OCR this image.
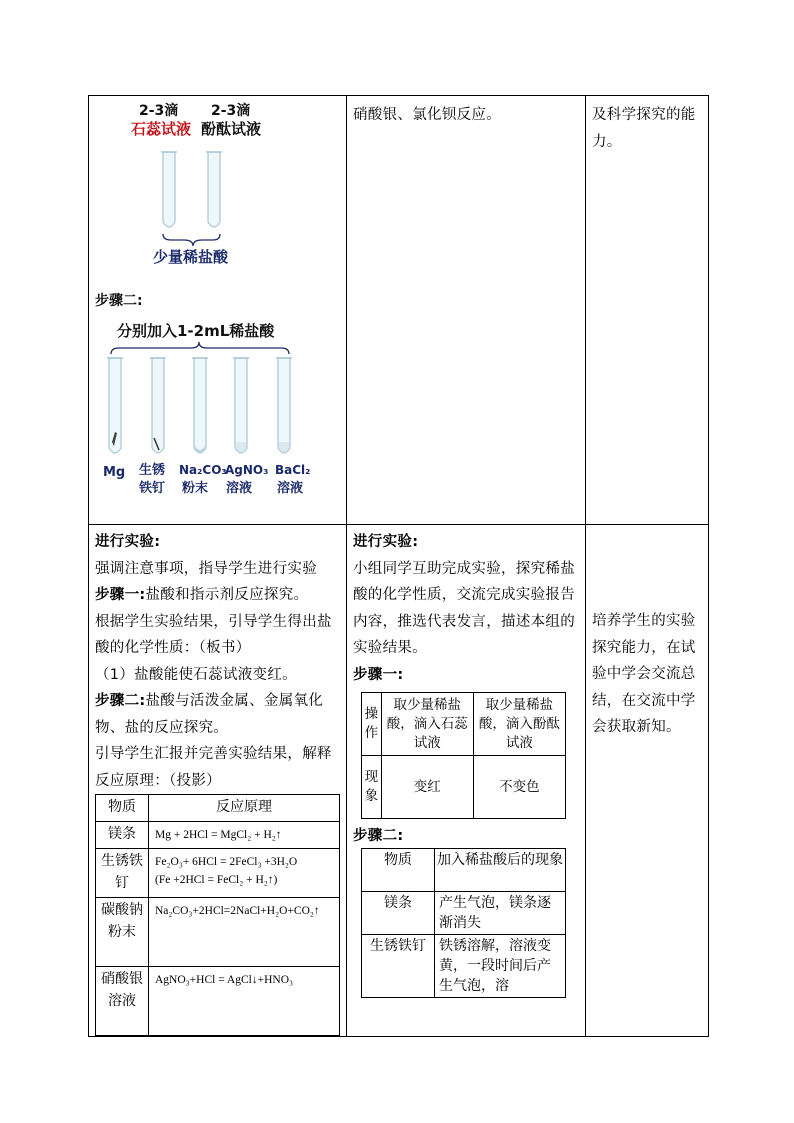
2-3滴 2-3滴
石蕊试液 酚酞试液
少量稀盐酸
步骤二:
分别加入1-2mL稀盐酸
Mg 生锈
铁钉
Na₂CO₃
粉末
AgNO₃
溶液
BaCl₂
溶液

硝酸银、氯化钡反应。	及科学探究的能力。

进行实验:
强调注意事项，指导学生进行实验
步骤一:盐酸和指示剂反应探究。
根据学生实验结果，引导学生得出盐酸的化学性质：（板书）
（1）盐酸能使石蕊试液变红。
步骤二:盐酸与活泼金属、金属氧化物、盐的反应探究。
引导学生汇报并完善实验结果，解释反应原理：（投影）
物质	反应原理
镁条	Mg + 2HCl = MgCl₂ + H₂↑
生锈铁钉	
Fe₂O₃+ 6HCl = 2FeCl₃ +3H₂O
(Fe +2HCl = FeCl₂ + H₂↑)

碳酸钠粉末	Na₂CO₃+2HCl=2NaCl+H₂O+CO₂↑
硝酸银溶液	AgNO₃+HCl = AgCl↓+HNO₃

进行实验:
小组同学互助完成实验，探究稀盐酸的化学性质，交流完成实验报告内容，推选代表发言，描述本组的实验结果。
步骤一:
操作	取少量稀盐酸，滴入石蕊试液	取少量稀盐酸，滴入酚酞试液
现象	变红	不变色
步骤二:
物质	加入稀盐酸后的现象
镁条	产生气泡，镁条逐渐消失
生锈铁钉	铁锈溶解，溶液变黄，一段时间后产生气泡，溶

培养学生的实验探究能力，在试验中学会交流总结，在交流中学会获取新知。
